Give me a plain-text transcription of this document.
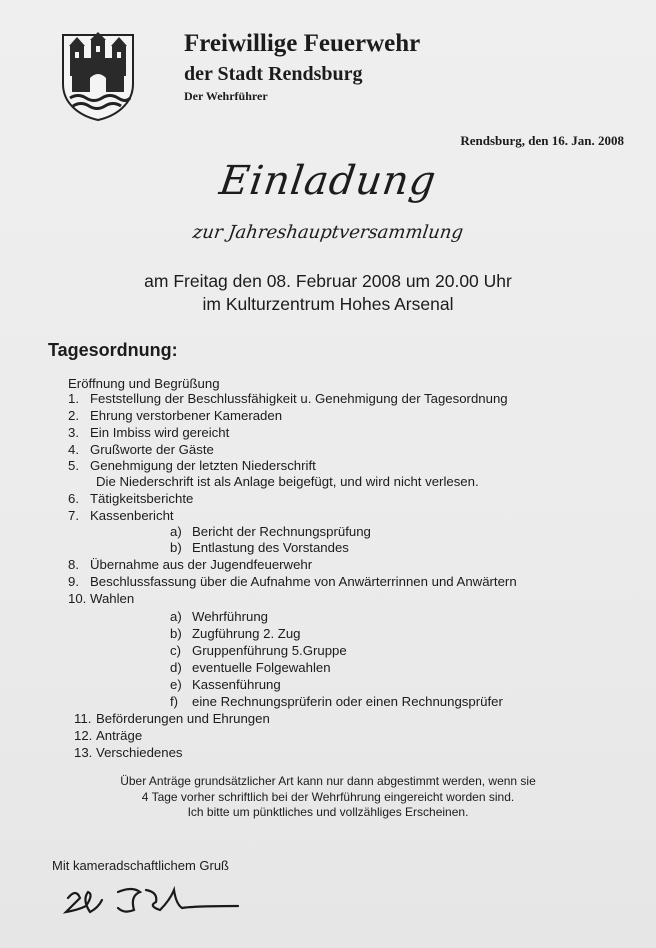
Freiwillige Feuerwehr
der Stadt Rendsburg
Der Wehrführer
Rendsburg, den 16. Jan. 2008
Einladung
zur Jahreshauptversammlung
am Freitag den 08. Februar 2008 um 20.00 Uhr
im Kulturzentrum Hohes Arsenal
Tagesordnung:
Eröffnung und Begrüßung
1. Feststellung der Beschlussfähigkeit u. Genehmigung der Tagesordnung
2. Ehrung verstorbener Kameraden
3. Ein Imbiss wird gereicht
4. Grußworte der Gäste
5. Genehmigung der letzten Niederschrift
Die Niederschrift ist als Anlage beigefügt, und wird nicht verlesen.
6. Tätigkeitsberichte
7. Kassenbericht
a) Bericht der Rechnungsprüfung
b) Entlastung des Vorstandes
8. Übernahme aus der Jugendfeuerwehr
9. Beschlussfassung über die Aufnahme von Anwärterrinnen und Anwärtern
10. Wahlen
a) Wehrführung
b) Zugführung 2. Zug
c) Gruppenführung 5.Gruppe
d) eventuelle Folgewahlen
e) Kassenführung
f) eine Rechnungsprüferin oder einen Rechnungsprüfer
11. Beförderungen und Ehrungen
12. Anträge
13. Verschiedenes
Über Anträge grundsätzlicher Art kann nur dann abgestimmt werden, wenn sie
4 Tage vorher schriftlich bei der Wehrführung eingereicht worden sind.
Ich bitte um pünktliches und vollzähliges Erscheinen.
Mit kameradschaftlichem Gruß
